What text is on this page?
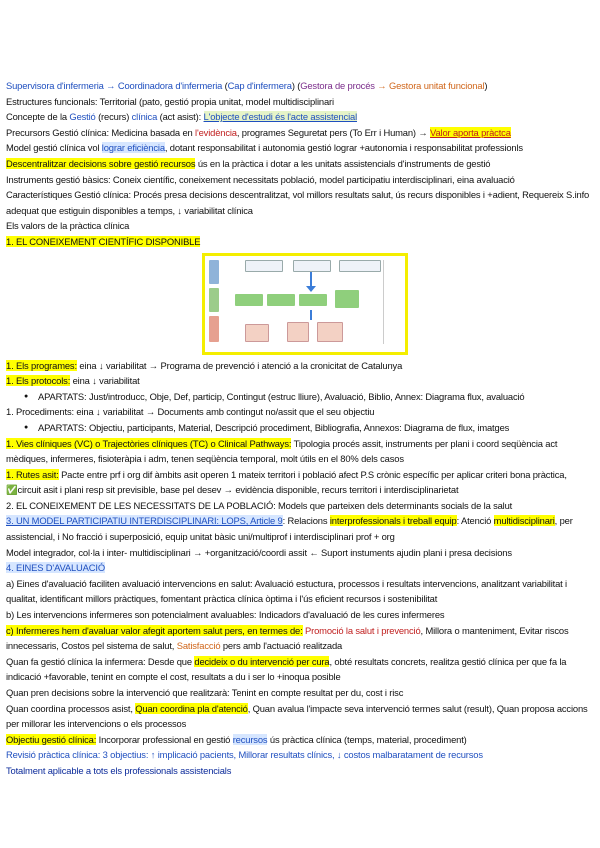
Supervisora d'infermeria → Coordinadora d'infermeria (Cap d'infermera) (Gestora de procés → Gestora unitat funcional)
Estructures funcionals: Territorial (pato, gestió propia unitat, model multidisciplinari
Concepte de la Gestió (recurs) clínica (act asist): L'objecte d'estudi és l'acte assistencial
Precursors Gestió clínica: Medicina basada en l'evidència, programes Seguretat pers (To Err i Human) → Valor aporta pràctca
Model gestió clínica vol lograr eficiència, dotant responsabilitat i autonomia gestió lograr +autonomia i responsabilitat professionls
Descentralitzar decisions sobre gestió recursos ús en la pràctica i dotar a les unitats assistencials d'instruments de gestió
Instruments gestió bàsics: Coneix científic, coneixement necessitats població, model participatiu interdisciplinari, eina avaluació
Característiques Gestió clínica: Procés presa decisions descentralitzat, vol millors resultats salut, ús recurs disponibles i +adient, Requereix S.info adequat que estiguin disponibles a temps, ↓ variabilitat clínica
Els valors de la pràctica clínica
1. EL CONEIXEMENT CIENTÍFIC DISPONIBLE
1. Els programes: eina ↓ variabilitat → Programa de prevenció i atenció a la cronicitat de Catalunya
1. Els protocols: eina ↓ variabilitat
● APARTATS: Just/introducc, Obje, Def, particip, Contingut (estruc lliure), Avaluació, Biblio, Annex: Diagrama flux, avaluació
1. Procediments: eina ↓ variabilitat → Documents amb contingut no/assit que el seu objectiu
● APARTATS: Objectiu, participants, Material, Descripció procediment, Bibliografia, Annexos: Diagrama de flux, imatges
1. Vies clíniques (VC) o Trajectòries clíniques (TC) o Clinical Pathways: Tipologia procés assit, instruments per plani i coord seqüència act mèdiques, infermeres, fisioteràpia i adm, tenen seqüència temporal, molt útils en el 80% dels casos
1. Rutes asit: Pacte entre prf i org dif àmbits asit operen 1 mateix territori i població afect P.S crònic específic per aplicar criteri bona pràctica, ✅circuit asit i plani resp sit previsible, base pel desev → evidència disponible, recurs territori i interdisciplinarietat
2. EL CONEIXEMENT DE LES NECESSITATS DE LA POBLACIÓ: Models que parteixen dels determinants socials de la salut
3. UN MODEL PARTICIPATIU INTERDISCIPLINARI: LOPS, Article 9: Relacions interprofessionals i treball equip: Atenció multidisciplinari, per assistencial, i No fracció i superposició, equip unitat bàsic uni/multiprof i interdisciplinari prof + org
Model integrador, col·la i inter- multidisciplinari → +organització/coordi assit ← Suport instuments ajudin plani i presa decisions
4. EINES D'AVALUACIÓ
a) Eines d'avaluació faciliten avaluació intervencions en salut: Avaluació estuctura, processos i resultats intervencions, analitzant variabilitat i qualitat, identificant millors pràctiques, fomentant pràctica clínica òptima i l'ús eficient recursos i sostenibilitat
b) Les intervencions infermeres son potencialment avaluables: Indicadors d'avaluació de les cures infermeres
c) Infermeres hem d'avaluar valor afegit aportem salut pers, en termes de: Promoció la salut i prevenció, Millora o manteniment, Evitar riscos innecessaris, Costos pel sistema de salut, Satisfacció pers amb l'actuació realitzada
Quan fa gestió clínica la infermera: Desde que decideix o du intervenció per cura, obté resultats concrets, realitza gestió clínica per que fa la indicació +favorable, tenint en compte el cost, resultats a du i ser lo +inoqua posible
Quan pren decisions sobre la intervenció que realitzarà: Tenint en compte resultat per du, cost i risc
Quan coordina processos asist, Quan coordina pla d'atenció, Quan avalua l'impacte seva intervenció termes salut (result), Quan proposa accions per millorar les intervencions o els processos
Objectiu gestió clínica: Incorporar professional en gestió recursos ús pràctica clínica (temps, material, procediment)
Revisió pràctica clínica: 3 objectius: ↑ implicació pacients, Millorar resultats clínics, ↓ costos malbaratament de recursos
Totalment aplicable a tots els professionals assistencials
